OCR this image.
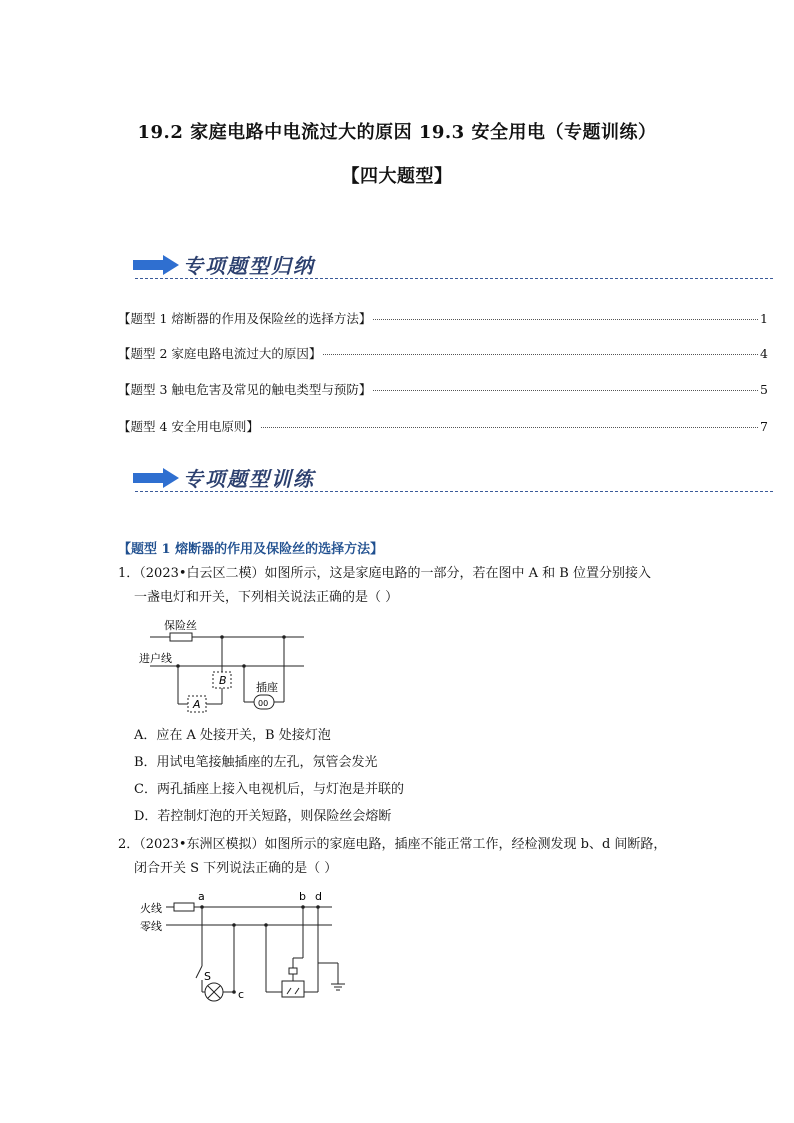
19.2 家庭电路中电流过大的原因 19.3 安全用电（专题训练）
【四大题型】
专项题型归纳
【题型 1 熔断器的作用及保险丝的选择方法】	1
【题型 2 家庭电路电流过大的原因】	4
【题型 3 触电危害及常见的触电类型与预防】	5
【题型 4 安全用电原则】	7
专项题型训练
【题型 1 熔断器的作用及保险丝的选择方法】
1．（2023•白云区二模）如图所示，这是家庭电路的一部分，若在图中 A 和 B 位置分别接入
一盏电灯和开关，下列相关说法正确的是（ ）
保险丝
进户线
B
A
插座
00
A．应在 A 处接开关，B 处接灯泡
B．用试电笔接触插座的左孔，氖管会发光
C．两孔插座上接入电视机后，与灯泡是并联的
D．若控制灯泡的开关短路，则保险丝会熔断
2．（2023•东洲区模拟）如图所示的家庭电路，插座不能正常工作，经检测发现 b、d 间断路，
闭合开关 S 下列说法正确的是（ ）
火线
零线
a	b d
S
c
